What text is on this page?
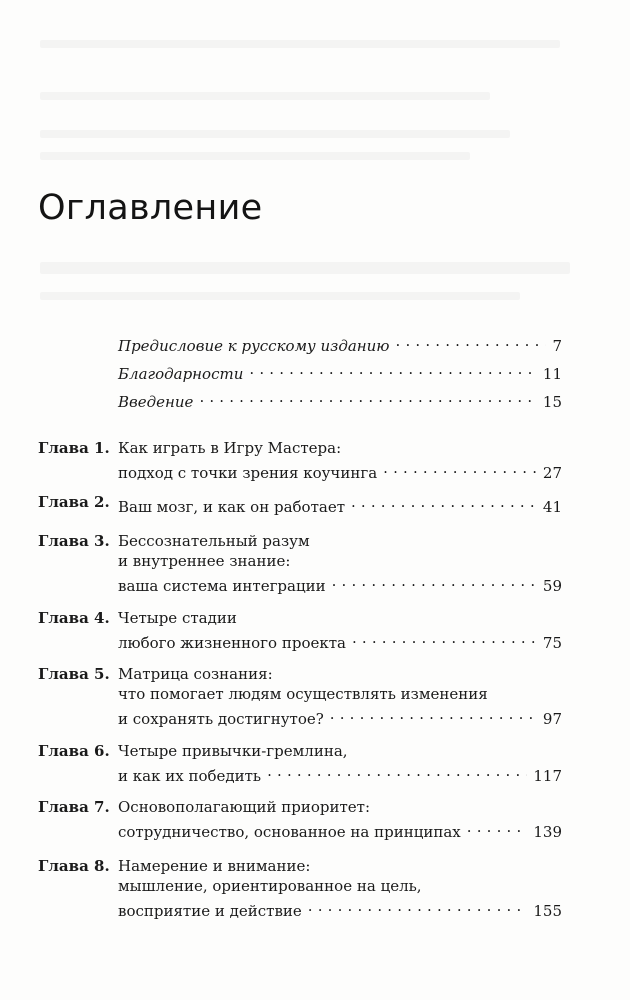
Оглавление
Предисловие к русскому изданию . . .	7
Благодарности . . .	11
Введение . . .	15
Глава 1. Как играть в Игру Мастера:
подход с точки зрения коучинга . . .	27
Глава 2. Ваш мозг, и как он работает . . .	41
Глава 3. Бессознательный разум
и внутреннее знание:
ваша система интеграции . . .	59
Глава 4. Четыре стадии
любого жизненного проекта . . .	75
Глава 5. Матрица сознания:
что помогает людям осуществлять изменения
и сохранять достигнутое? . . .	97
Глава 6. Четыре привычки-гремлина,
и как их победить . . .	117
Глава 7. Основополагающий приоритет:
сотрудничество, основанное на принципах . . .	139
Глава 8. Намерение и внимание:
мышление, ориентированное на цель,
восприятие и действие . . .	155
